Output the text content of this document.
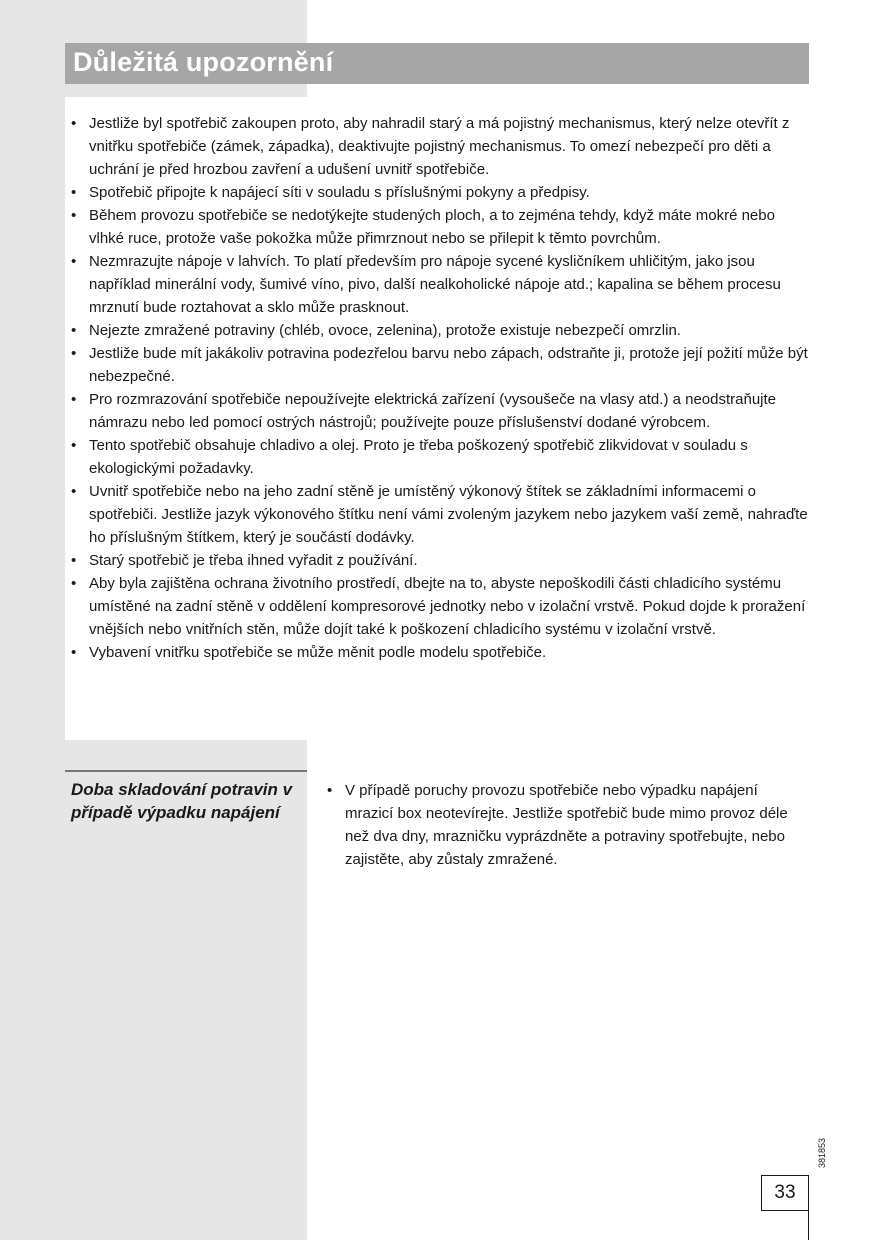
Důležitá upozornění
• Jestliže byl spotřebič zakoupen proto, aby nahradil starý a má pojistný mechanismus, který nelze otevřít z vnitřku spotřebiče (zámek, západka), deaktivujte pojistný mechanismus. To omezí nebezpečí pro děti a uchrání je před hrozbou zavření a udušení uvnitř spotřebiče.
• Spotřebič připojte k napájecí síti v souladu s příslušnými pokyny a předpisy.
• Během provozu spotřebiče se nedotýkejte studených ploch, a to zejména tehdy, když máte mokré nebo vlhké ruce, protože vaše pokožka může přimrznout nebo se přilepit k těmto povrchům.
• Nezmrazujte nápoje v lahvích. To platí především pro nápoje sycené kysličníkem uhličitým, jako jsou například minerální vody, šumivé víno, pivo, další nealkoholické nápoje atd.; kapalina se během procesu mrznutí bude roztahovat a sklo může prasknout.
• Nejezte zmražené potraviny (chléb, ovoce, zelenina), protože existuje nebezpečí omrzlin.
• Jestliže bude mít jakákoliv potravina podezřelou barvu nebo zápach, odstraňte ji, protože její požití může být nebezpečné.
• Pro rozmrazování spotřebiče nepoužívejte elektrická zařízení (vysoušeče na vlasy atd.) a neodstraňujte námrazu nebo led pomocí ostrých nástrojů; používejte pouze příslušenství dodané výrobcem.
• Tento spotřebič obsahuje chladivo a olej. Proto je třeba poškozený spotřebič zlikvidovat v souladu s ekologickými požadavky.
• Uvnitř spotřebiče nebo na jeho zadní stěně je umístěný výkonový štítek se základními informacemi o spotřebiči. Jestliže jazyk výkonového štítku není vámi zvoleným jazykem nebo jazykem vaší země, nahraďte ho příslušným štítkem, který je součástí dodávky.
• Starý spotřebič je třeba ihned vyřadit z používání.
• Aby byla zajištěna ochrana životního prostředí, dbejte na to, abyste nepoškodili části chladicího systému umístěné na zadní stěně v oddělení kompresorové jednotky nebo v izolační vrstvě. Pokud dojde k proražení vnějších nebo vnitřních stěn, může dojít také k poškození chladicího systému v izolační vrstvě.
• Vybavení vnitřku spotřebiče se může měnit podle modelu spotřebiče.
Doba skladování potravin v případě výpadku napájení
• V případě poruchy provozu spotřebiče nebo výpadku napájení mrazicí box neotevírejte. Jestliže spotřebič bude mimo provoz déle než dva dny, mrazničku vyprázdněte a potraviny spotřebujte, nebo zajistěte, aby zůstaly zmražené.
381853
33
